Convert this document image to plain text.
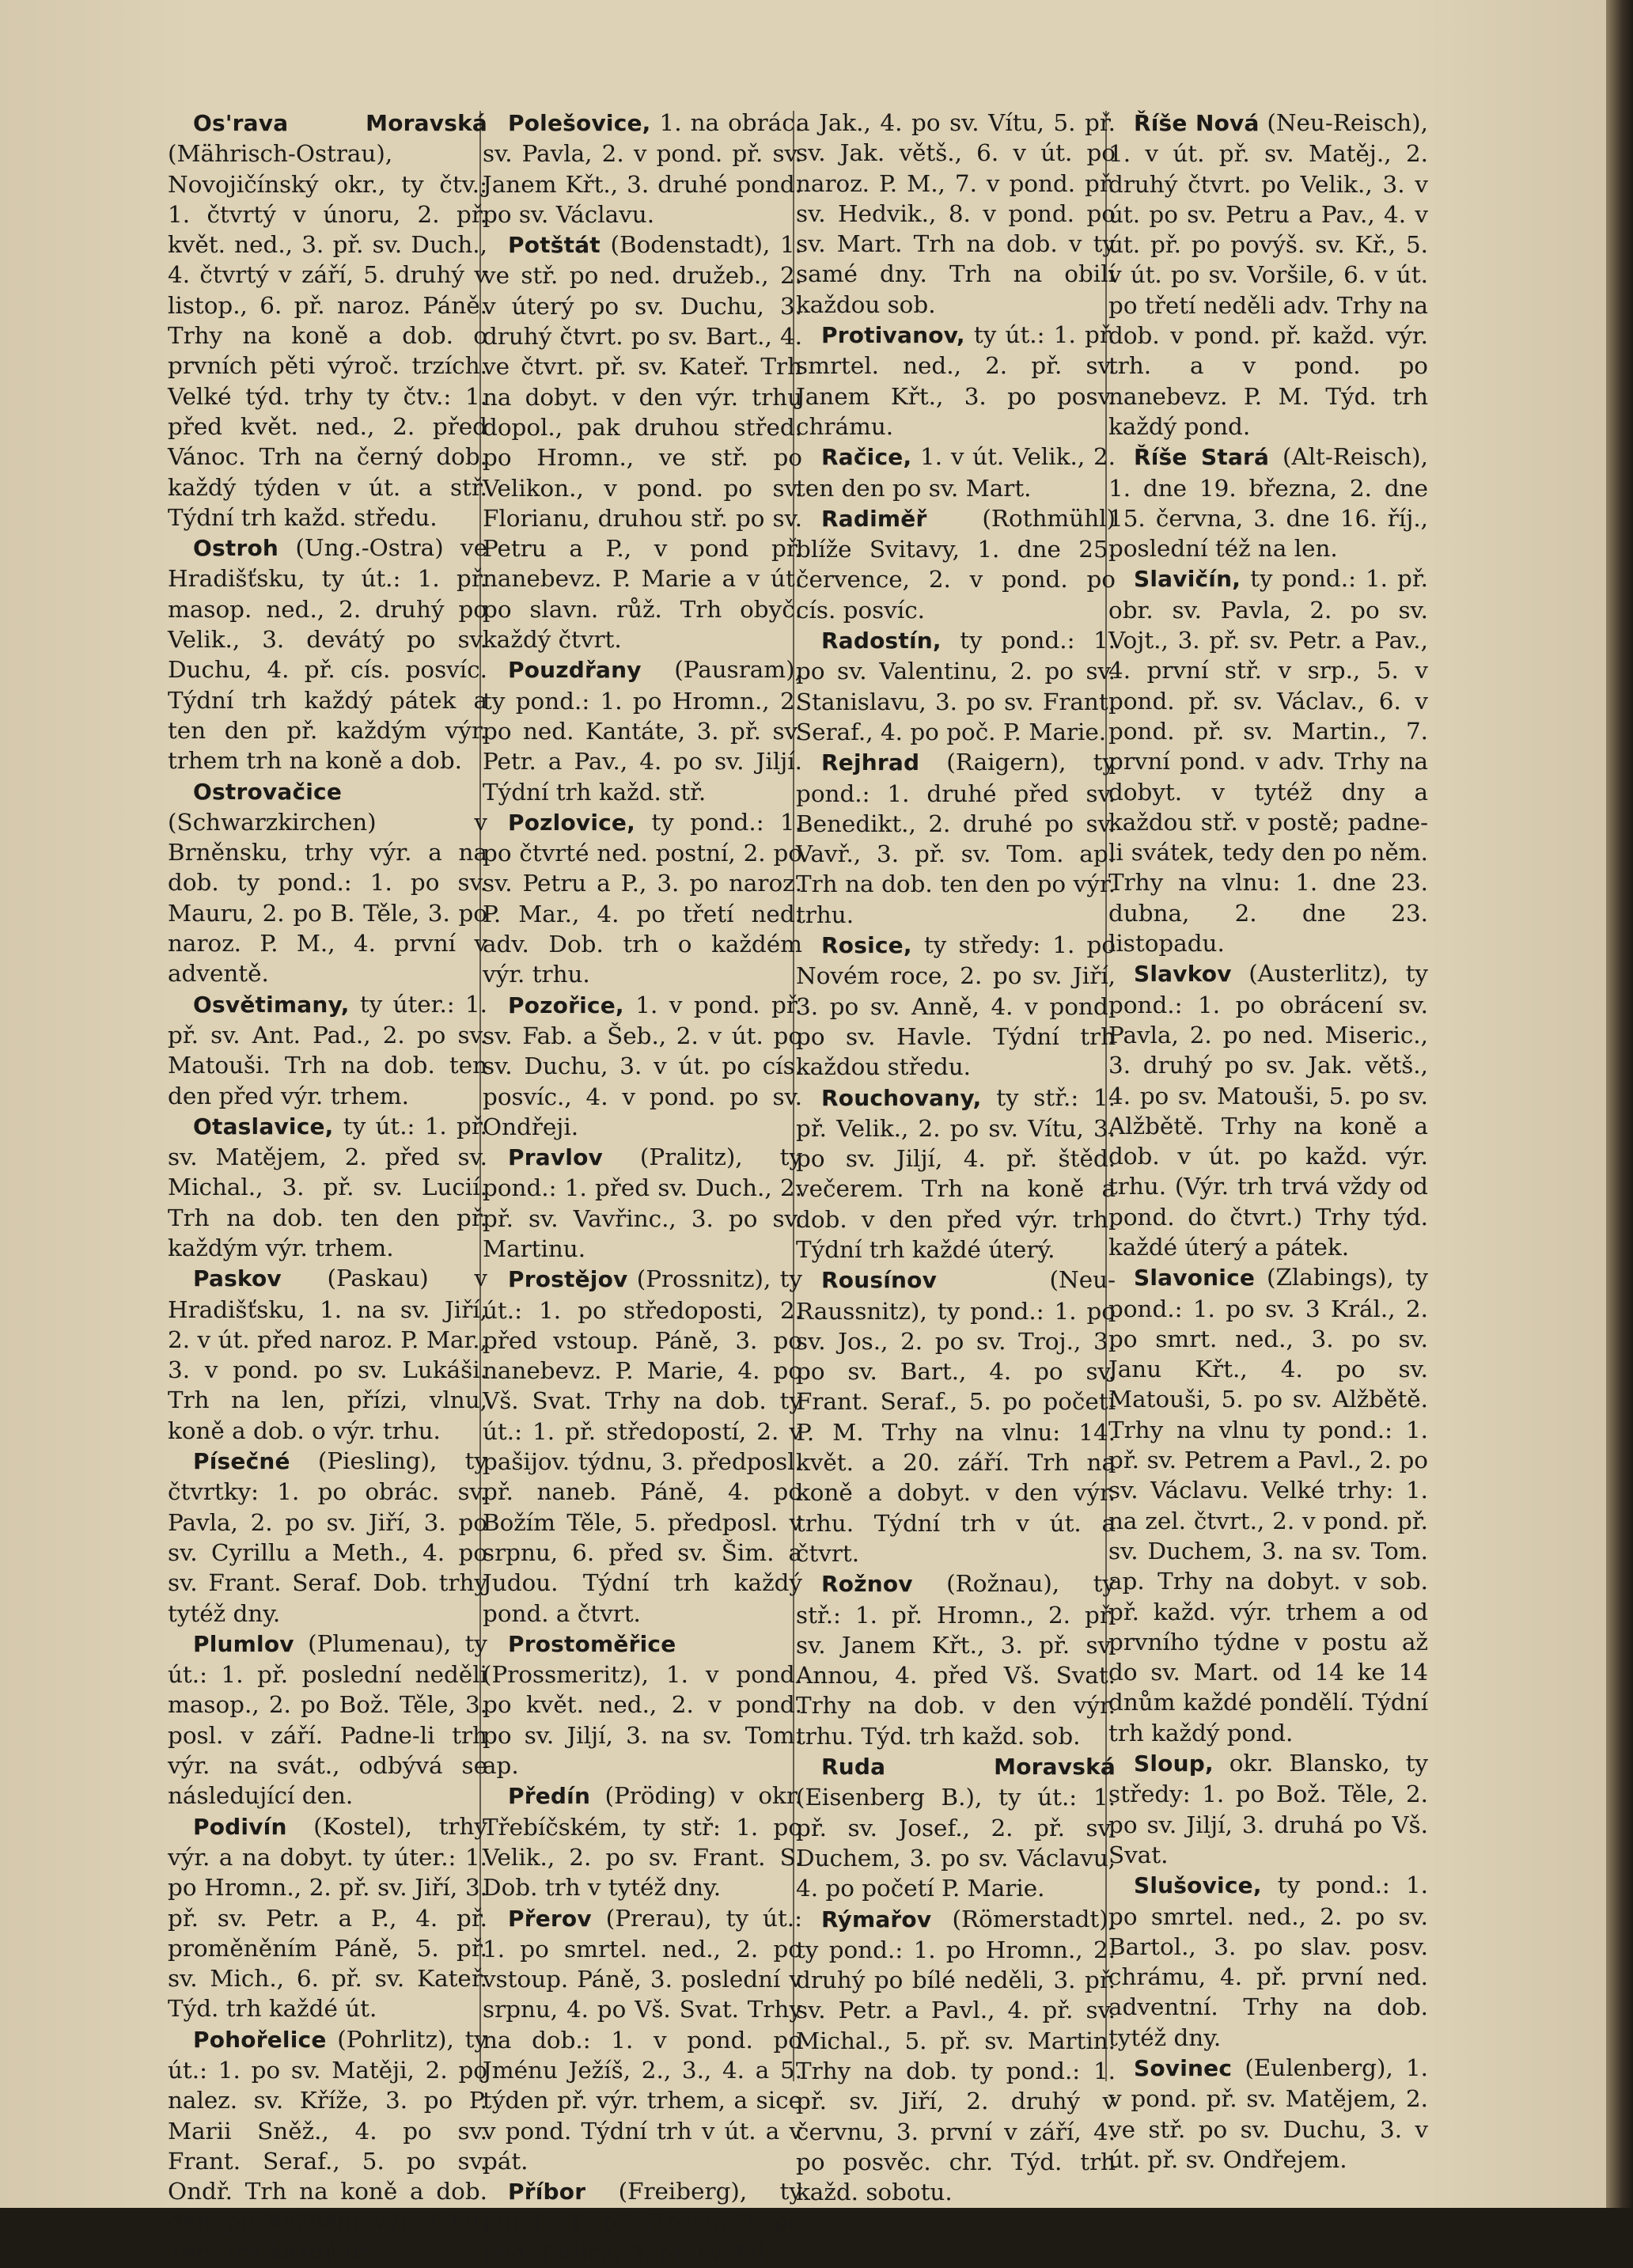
Os'rava Moravská (Mährisch-Ostrau), Novojičínský okr., ty čtv.: 1. čtvrtý v únoru, 2. př. květ. ned., 3. př. sv. Duch., 4. čtvrtý v září, 5. druhý v listop., 6. př. naroz. Páně. Trhy na koně a dob. o prvních pěti výroč. trzích. Velké týd. trhy ty čtv.: 1. před květ. ned., 2. před Vánoc. Trh na černý dob. každý týden v út. a stř. Týdní trh každ. středu.

Ostroh (Ung.-Ostra) ve Hradišťsku, ty út.: 1. př. masop. ned., 2. druhý po Velik., 3. devátý po sv. Duchu, 4. př. cís. posvíc. Týdní trh každý pátek a ten den př. každým výr. trhem trh na koně a dob.

Ostrovačice (Schwarzkirchen) v Brněnsku, trhy výr. a na dob. ty pond.: 1. po sv. Mauru, 2. po B. Těle, 3. po naroz. P. M., 4. první v adventě.

Osvětimany, ty úter.: 1. př. sv. Ant. Pad., 2. po sv. Matouši. Trh na dob. ten den před výr. trhem.

Otaslavice, ty út.: 1. př. sv. Matějem, 2. před sv. Michal., 3. př. sv. Lucií. Trh na dob. ten den př. každým výr. trhem.

Paskov (Paskau) v Hradišťsku, 1. na sv. Jiří, 2. v út. před naroz. P. Mar., 3. v pond. po sv. Lukáši. Trh na len, přízi, vlnu, koně a dob. o výr. trhu.

Písečné (Piesling), ty čtvrtky: 1. po obrác. sv. Pavla, 2. po sv. Jiří, 3. po sv. Cyrillu a Meth., 4. po sv. Frant. Seraf. Dob. trhy tytéž dny.

Plumlov (Plumenau), ty út.: 1. př. poslední neděli masop., 2. po Bož. Těle, 3. posl. v září. Padne-li trh výr. na svát., odbývá se následující den.

Podivín (Kostel), trhy výr. a na dobyt. ty úter.: 1. po Hromn., 2. př. sv. Jiří, 3. př. sv. Petr. a P., 4. př. proměněním Páně, 5. př. sv. Mich., 6. př. sv. Kateř. Týd. trh každé út.

Pohořelice (Pohrlitz), ty út.: 1. po sv. Matěji, 2. po nalez. sv. Kříže, 3. po P. Marii Sněž., 4. po sv. Frant. Seraf., 5. po sv. Ondř. Trh na koně a dob. den po každém výr. trhu. Týd. trh každý út.

Polešovice, 1. na obrác. sv. Pavla, 2. v pond. př. sv. Janem Křt., 3. druhé pond. po sv. Václavu.

Potštát (Bodenstadt), 1. ve stř. po ned. družeb., 2. v úterý po sv. Duchu, 3. druhý čtvrt. po sv. Bart., 4. ve čtvrt. př. sv. Kateř. Trh na dobyt. v den výr. trhu dopol., pak druhou střed. po Hromn., ve stř. po Velikon., v pond. po sv. Florianu, druhou stř. po sv. Petru a P., v pond př. nanebevz. P. Marie a v út. po slavn. růž. Trh obyč. každý čtvrt.

Pouzdřany (Pausram), ty pond.: 1. po Hromn., 2. po ned. Kantáte, 3. př. sv. Petr. a Pav., 4. po sv. Jiljí. Týdní trh každ. stř.

Pozlovice, ty pond.: 1. po čtvrté ned. postní, 2. po sv. Petru a P., 3. po naroz. P. Mar., 4. po třetí ned. adv. Dob. trh o každém výr. trhu.

Pozořice, 1. v pond. př. sv. Fab. a Šeb., 2. v út. po sv. Duchu, 3. v út. po cís. posvíc., 4. v pond. po sv. Ondřeji.

Pravlov (Pralitz), ty pond.: 1. před sv. Duch., 2. př. sv. Vavřinc., 3. po sv. Martinu.

Prostějov (Prossnitz), ty út.: 1. po středoposti, 2. před vstoup. Páně, 3. po nanebevz. P. Marie, 4. po Vš. Svat. Trhy na dob. ty út.: 1. př. středopostí, 2. v pašijov. týdnu, 3. předposl. př. naneb. Páně, 4. po Božím Těle, 5. předposl. v srpnu, 6. před sv. Šim. a Judou. Týdní trh každý pond. a čtvrt.

Prostoměřice (Prossmeritz), 1. v pond. po květ. ned., 2. v pond. po sv. Jiljí, 3. na sv. Tom. ap.

Předín (Pröding) v okr. Třebíčském, ty stř: 1. po Velik., 2. po sv. Frant. S. Dob. trh v tytéž dny.

Přerov (Prerau), ty út.: 1. po smrtel. ned., 2. po vstoup. Páně, 3. poslední v srpnu, 4. po Vš. Svat. Trhy na dob.: 1. v pond. po Jménu Ježíš, 2., 3., 4. a 5. týden př. výr. trhem, a sice v pond. Týdní trh v út. a v pát.

Příbor (Freiberg), ty pond.: 1. př. Hrom., 2. po ned. Judica, 3. př. sv. Fil.

a Jak., 4. po sv. Vítu, 5. př. sv. Jak. větš., 6. v út. po naroz. P. M., 7. v pond. př. sv. Hedvik., 8. v pond. po sv. Mart. Trh na dob. v ty samé dny. Trh na obilí každou sob.

Protivanov, ty út.: 1. př. smrtel. ned., 2. př. sv. Janem Křt., 3. po posv. chrámu.

Račice, 1. v út. Velik., 2. ten den po sv. Mart.

Radiměř (Rothmühl) blíže Svitavy, 1. dne 25. července, 2. v pond. po cís. posvíc.

Radostín, ty pond.: 1. po sv. Valentinu, 2. po sv. Stanislavu, 3. po sv. Frant. Seraf., 4. po poč. P. Marie.

Rejhrad (Raigern), ty pond.: 1. druhé před sv. Benedikt., 2. druhé po sv. Vavř., 3. př. sv. Tom. ap. Trh na dob. ten den po výr. trhu.

Rosice, ty středy: 1. po Novém roce, 2. po sv. Jiří, 3. po sv. Anně, 4. v pond. po sv. Havle. Týdní trh každou středu.

Rouchovany, ty stř.: 1. př. Velik., 2. po sv. Vítu, 3. po sv. Jiljí, 4. př. štěd. večerem. Trh na koně a dob. v den před výr. trh. Týdní trh každé úterý.

Rousínov (Neu-Raussnitz), ty pond.: 1. po sv. Jos., 2. po sv. Troj., 3. po sv. Bart., 4. po sv. Frant. Seraf., 5. po početí P. M. Trhy na vlnu: 14. květ. a 20. září. Trh na koně a dobyt. v den výr. trhu. Týdní trh v út. a čtvrt.

Rožnov (Rožnau), ty stř.: 1. př. Hromn., 2. př. sv. Janem Křt., 3. př. sv. Annou, 4. před Vš. Svat. Trhy na dob. v den výr. trhu. Týd. trh každ. sob.

Ruda Moravská (Eisenberg B.), ty út.: 1. př. sv. Josef., 2. př. sv. Duchem, 3. po sv. Václavu, 4. po početí P. Marie.

Rýmařov (Römerstadt), ty pond.: 1. po Hromn., 2. druhý po bílé neděli, 3. př. sv. Petr. a Pavl., 4. př. sv. Michal., 5. př. sv. Martin. Trhy na dob. ty pond.: 1. př. sv. Jiří, 2. druhý v červnu, 3. první v září, 4. po posvěc. chr. Týd. trh každ. sobotu.

Říše Nová (Neu-Reisch), 1. v út. př. sv. Matěj., 2. druhý čtvrt. po Velik., 3. v út. po sv. Petru a Pav., 4. v út. př. po povýš. sv. Kř., 5. v út. po sv. Voršile, 6. v út. po třetí neděli adv. Trhy na dob. v pond. př. každ. výr. trh. a v pond. po nanebevz. P. M. Týd. trh každý pond.

Říše Stará (Alt-Reisch), 1. dne 19. března, 2. dne 15. června, 3. dne 16. říj., poslední též na len.

Slavičín, ty pond.: 1. př. obr. sv. Pavla, 2. po sv. Vojt., 3. př. sv. Petr. a Pav., 4. první stř. v srp., 5. v pond. př. sv. Václav., 6. v pond. př. sv. Martin., 7. první pond. v adv. Trhy na dobyt. v tytéž dny a každou stř. v postě; padne-li svátek, tedy den po něm. Trhy na vlnu: 1. dne 23. dubna, 2. dne 23. listopadu.

Slavkov (Austerlitz), ty pond.: 1. po obrácení sv. Pavla, 2. po ned. Miseric., 3. druhý po sv. Jak. větš., 4. po sv. Matouši, 5. po sv. Alžbětě. Trhy na koně a dob. v út. po každ. výr. trhu. (Výr. trh trvá vždy od pond. do čtvrt.) Trhy týd. každé úterý a pátek.

Slavonice (Zlabings), ty pond.: 1. po sv. 3 Král., 2. po smrt. ned., 3. po sv. Janu Křt., 4. po sv. Matouši, 5. po sv. Alžbětě. Trhy na vlnu ty pond.: 1. př. sv. Petrem a Pavl., 2. po sv. Václavu. Velké trhy: 1. na zel. čtvrt., 2. v pond. př. sv. Duchem, 3. na sv. Tom. ap. Trhy na dobyt. v sob. př. každ. výr. trhem a od prvního týdne v postu až do sv. Mart. od 14 ke 14 dnům každé pondělí. Týdní trh každý pond.

Sloup, okr. Blansko, ty středy: 1. po Bož. Těle, 2. po sv. Jiljí, 3. druhá po Vš. Svat.

Slušovice, ty pond.: 1. po smrtel. ned., 2. po sv. Bartol., 3. po slav. posv. chrámu, 4. př. první ned. adventní. Trhy na dob. tytéž dny.

Sovinec (Eulenberg), 1. v pond. př. sv. Matějem, 2. ve stř. po sv. Duchu, 3. v út. př. sv. Ondřejem.
